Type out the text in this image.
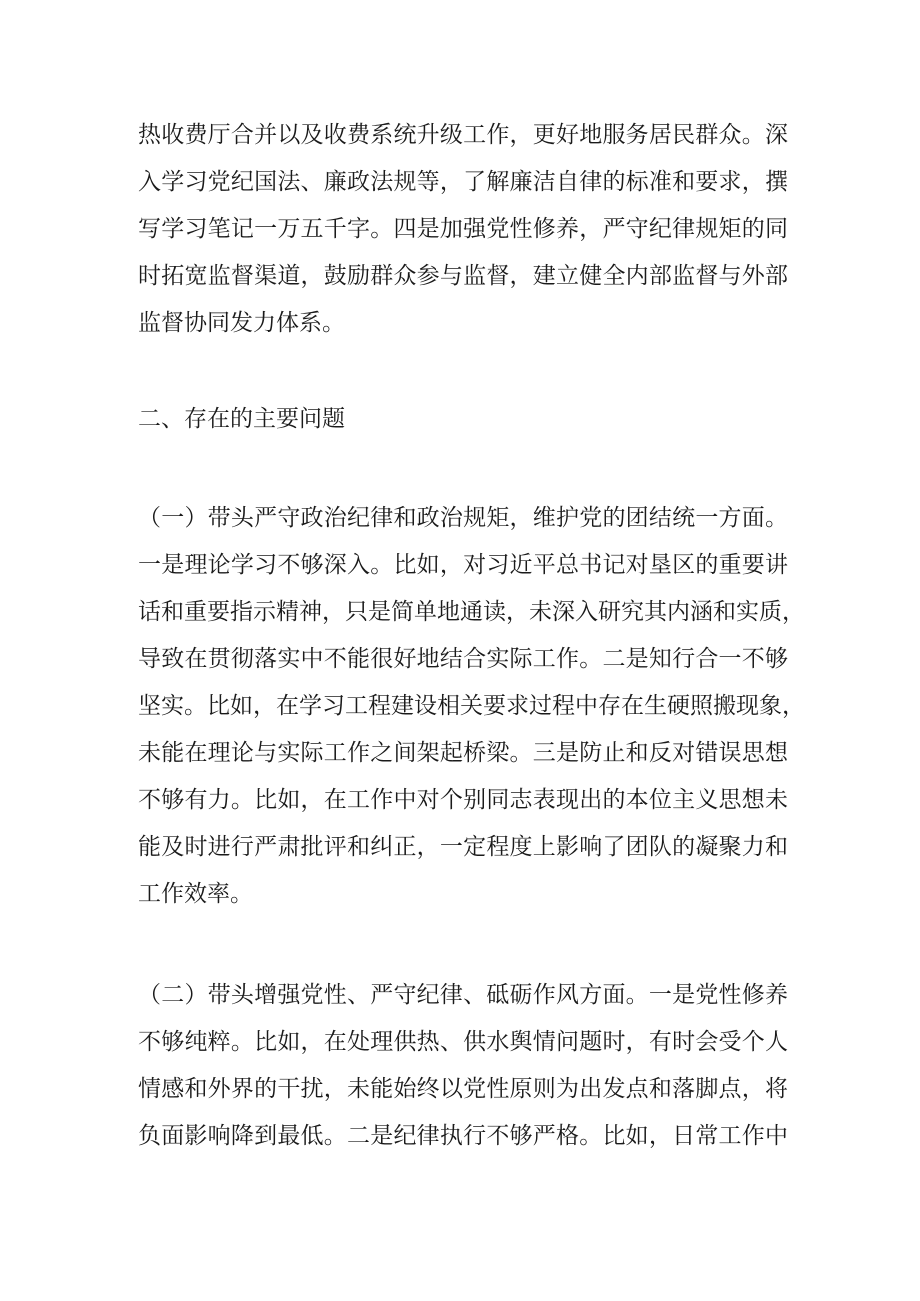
热收费厅合并以及收费系统升级工作，更好地服务居民群众。深
入学习党纪国法、廉政法规等，了解廉洁自律的标准和要求，撰
写学习笔记一万五千字。四是加强党性修养，严守纪律规矩的同
时拓宽监督渠道，鼓励群众参与监督，建立健全内部监督与外部
监督协同发力体系。
二、存在的主要问题
（一）带头严守政治纪律和政治规矩，维护党的团结统一方面。
一是理论学习不够深入。比如，对习近平总书记对垦区的重要讲
话和重要指示精神，只是简单地通读，未深入研究其内涵和实质，
导致在贯彻落实中不能很好地结合实际工作。二是知行合一不够
坚实。比如，在学习工程建设相关要求过程中存在生硬照搬现象，
未能在理论与实际工作之间架起桥梁。三是防止和反对错误思想
不够有力。比如，在工作中对个别同志表现出的本位主义思想未
能及时进行严肃批评和纠正，一定程度上影响了团队的凝聚力和
工作效率。
（二）带头增强党性、严守纪律、砥砺作风方面。一是党性修养
不够纯粹。比如，在处理供热、供水舆情问题时，有时会受个人
情感和外界的干扰，未能始终以党性原则为出发点和落脚点，将
负面影响降到最低。二是纪律执行不够严格。比如，日常工作中
